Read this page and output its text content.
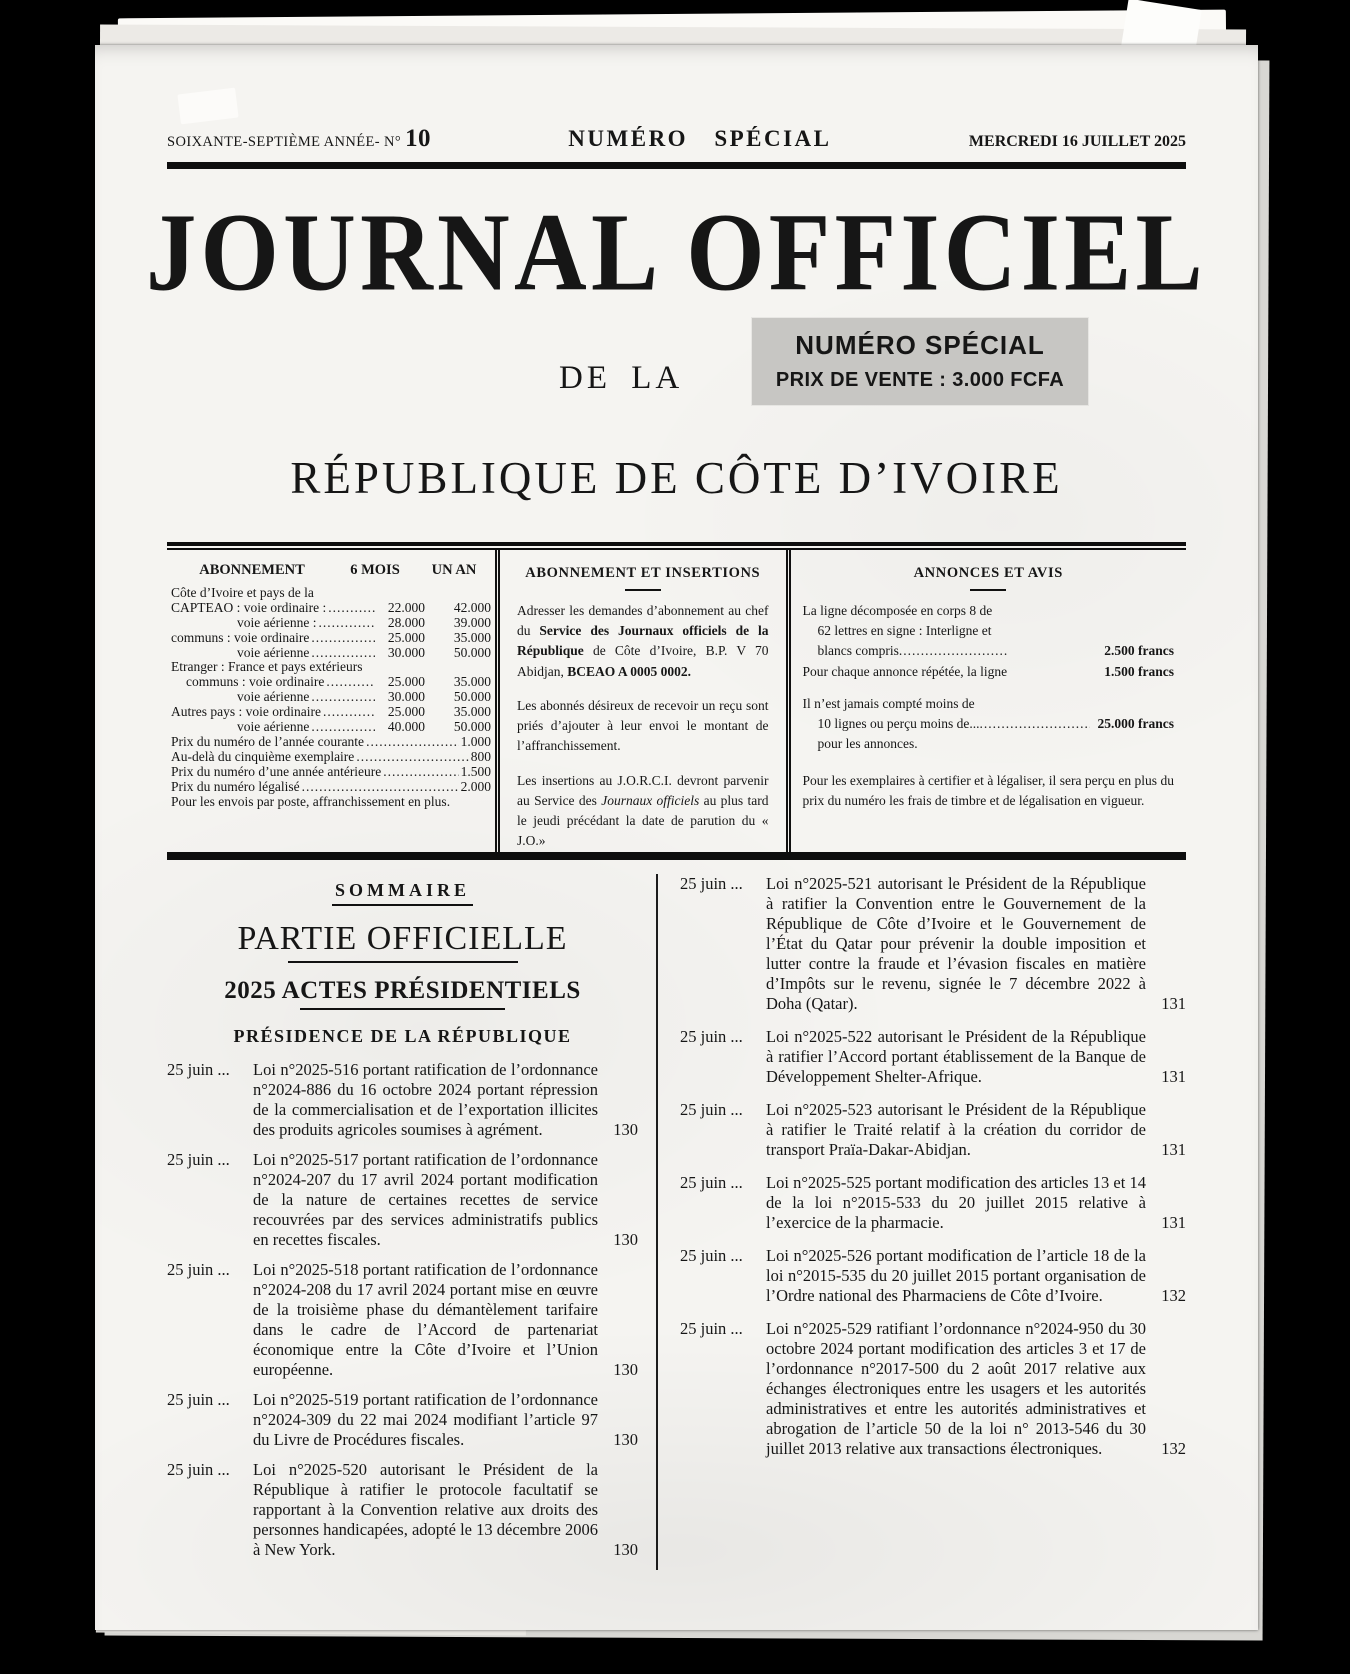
SOIXANTE-SEPTIÈME ANNÉE- N° 10	NUMÉRO SPÉCIAL	MERCREDI 16 JUILLET 2025
JOURNAL OFFICIEL
DE LA
NUMÉRO SPÉCIAL
PRIX DE VENTE : 3.000 FCFA
RÉPUBLIQUE DE CÔTE D’IVOIRE
ABONNEMENT	6 MOIS	UN AN
Côte d’Ivoire et pays de la
CAPTEAO : voie ordinaire : .....	22.000	42.000
voie aérienne : .....	28.000	39.000
communs : voie ordinaire .....	25.000	35.000
voie aérienne .....	30.000	50.000
Etranger : France et pays extérieurs
communs : voie ordinaire .....	25.000	35.000
voie aérienne .....	30.000	50.000
Autres pays : voie ordinaire .....	25.000	35.000
voie aérienne .....	40.000	50.000
Prix du numéro de l’année courante .....	1.000
Au-delà du cinquième exemplaire .....	800
Prix du numéro d’une année antérieure .....	1.500
Prix du numéro légalisé .....	2.000
Pour les envois par poste, affranchissement en plus.
ABONNEMENT ET INSERTIONS

Adresser les demandes d’abonnement au chef du Service des Journaux officiels de la République de Côte d’Ivoire, B.P. V 70 Abidjan, BCEAO A 0005 0002.

Les abonnés désireux de recevoir un reçu sont priés d’ajouter à leur envoi le montant de l’affranchissement.

Les insertions au J.O.R.C.I. devront parvenir au Service des Journaux officiels au plus tard le jeudi précédant la date de parution du « J.O.»

ANNONCES ET AVIS
La ligne décomposée en corps 8 de
62 lettres en signe : Interligne et
blancs compris .....	2.500 francs
Pour chaque annonce répétée, la ligne	1.500 francs
Il n’est jamais compté moins de
10 lignes ou perçu moins de... .....	25.000 francs
pour les annonces.
Pour les exemplaires à certifier et à légaliser, il sera perçu en plus du prix du numéro les frais de timbre et de légalisation en vigueur.
SOMMAIRE
PARTIE OFFICIELLE
2025 ACTES PRÉSIDENTIELS
PRÉSIDENCE DE LA RÉPUBLIQUE
25 juin ...	Loi n°2025-516 portant ratification de l’ordonnance n°2024-886 du 16 octobre 2024 portant répression de la commercialisation et de l’exportation illicites des produits agricoles soumises à agrément.	130
25 juin ...	Loi n°2025-517 portant ratification de l’ordonnance n°2024-207 du 17 avril 2024 portant modification de la nature de certaines recettes de service recouvrées par des services administratifs publics en recettes fiscales.	130
25 juin ...	Loi n°2025-518 portant ratification de l’ordonnance n°2024-208 du 17 avril 2024 portant mise en œuvre de la troisième phase du démantèlement tarifaire dans le cadre de l’Accord de partenariat économique entre la Côte d’Ivoire et l’Union européenne.	130
25 juin ...	Loi n°2025-519 portant ratification de l’ordonnance n°2024-309 du 22 mai 2024 modifiant l’article 97 du Livre de Procédures fiscales.	130
25 juin ...	Loi n°2025-520 autorisant le Président de la République à ratifier le protocole facultatif se rapportant à la Convention relative aux droits des personnes handicapées, adopté le 13 décembre 2006 à New York.	130
25 juin ...	Loi n°2025-521 autorisant le Président de la République à ratifier la Convention entre le Gouvernement de la République de Côte d’Ivoire et le Gouvernement de l’État du Qatar pour prévenir la double imposition et lutter contre la fraude et l’évasion fiscales en matière d’Impôts sur le revenu, signée le 7 décembre 2022 à Doha (Qatar).	131
25 juin ...	Loi n°2025-522 autorisant le Président de la République à ratifier l’Accord portant établissement de la Banque de Développement Shelter-Afrique.	131
25 juin ...	Loi n°2025-523 autorisant le Président de la République à ratifier le Traité relatif à la création du corridor de transport Praïa-Dakar-Abidjan.	131
25 juin ...	Loi n°2025-525 portant modification des articles 13 et 14 de la loi n°2015-533 du 20 juillet 2015 relative à l’exercice de la pharmacie.	131
25 juin ...	Loi n°2025-526 portant modification de l’article 18 de la loi n°2015-535 du 20 juillet 2015 portant organisation de l’Ordre national des Pharmaciens de Côte d’Ivoire.	132
25 juin ...	Loi n°2025-529 ratifiant l’ordonnance n°2024-950 du 30 octobre 2024 portant modification des articles 3 et 17 de l’ordonnance n°2017-500 du 2 août 2017 relative aux échanges électroniques entre les usagers et les autorités administratives et entre les autorités administratives et abrogation de l’article 50 de la loi n° 2013-546 du 30 juillet 2013 relative aux transactions électroniques.	132
